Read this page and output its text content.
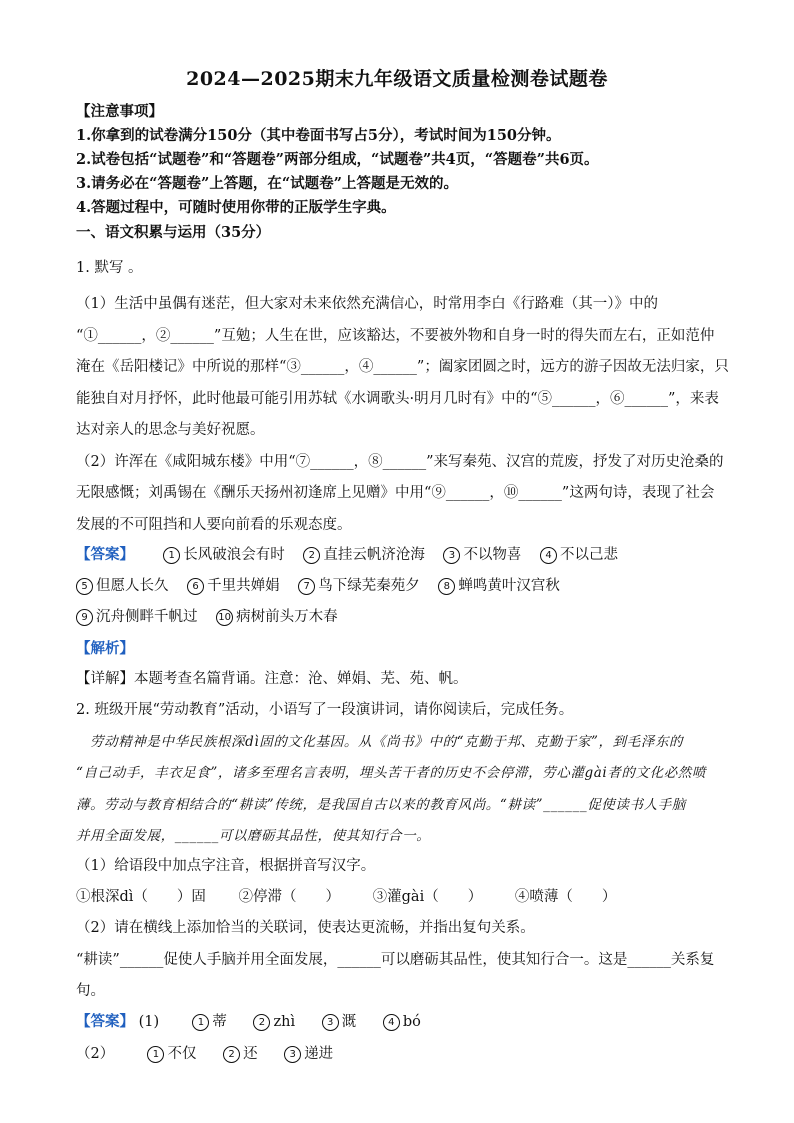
2024—2025期末九年级语文质量检测卷试题卷
【注意事项】
1.你拿到的试卷满分150分（其中卷面书写占5分），考试时间为150分钟。
2.试卷包括“试题卷”和“答题卷”两部分组成，“试题卷”共4页，“答题卷”共6页。
3.请务必在“答题卷”上答题，在“试题卷”上答题是无效的。
4.答题过程中，可随时使用你带的正版学生字典。
一、语文积累与运用（35分）
1. 默写 。
（1）生活中虽偶有迷茫，但大家对未来依然充满信心，时常用李白《行路难（其一）》中的
“①______，②______”互勉；人生在世，应该豁达，不要被外物和自身一时的得失而左右，正如范仲
淹在《岳阳楼记》中所说的那样“③______，④______”；阖家团圆之时，远方的游子因故无法归家，只
能独自对月抒怀，此时他最可能引用苏轼《水调歌头·明月几时有》中的“⑤______，⑥______”，来表
达对亲人的思念与美好祝愿。
（2）许浑在《咸阳城东楼》中用“⑦______，⑧______”来写秦苑、汉宫的荒废，抒发了对历史沧桑的
无限感慨；刘禹锡在《酬乐天扬州初逢席上见赠》中用“⑨______，⑩______”这两句诗，表现了社会
发展的不可阻挡和人要向前看的乐观态度。
【答案】	1 长风破浪会有时 2 直挂云帆济沧海 3 不以物喜 4 不以己悲
5 但愿人长久 6 千里共婵娟 7 鸟下绿芜秦苑夕 8 蝉鸣黄叶汉宫秋
9 沉舟侧畔千帆过 10 病树前头万木春
【解析】
【详解】本题考查名篇背诵。注意：沧、婵娟、芜、苑、帆。
2. 班级开展“劳动教育”活动，小语写了一段演讲词，请你阅读后，完成任务。
劳动精神是中华民族根深dì固的文化基因。从《尚书》中的“克勤于邦、克勤于家”，到毛泽东的
“自己动手，丰衣足食”，诸多至理名言表明，埋头苦干者的历史不会停滞，劳心灌gài者的文化必然喷
薄。劳动与教育相结合的“耕读”传统，是我国自古以来的教育风尚。“耕读”______促使读书人手脑
并用全面发展，______可以磨砺其品性，使其知行合一。
（1）给语段中加点字注音，根据拼音写汉字。
①根深dì（　　）固 ②停滞（　　） ③灌gài（　　） ④喷薄（　　）
（2）请在横线上添加恰当的关联词，使表达更流畅，并指出复句关系。
“耕读”______促使人手脑并用全面发展，______可以磨砺其品性，使其知行合一。这是______关系复
句。
【答案】 (1)	1 蒂	2 zhì	3 溉	4 bó
（2）	1 不仅	2 还	3 递进
